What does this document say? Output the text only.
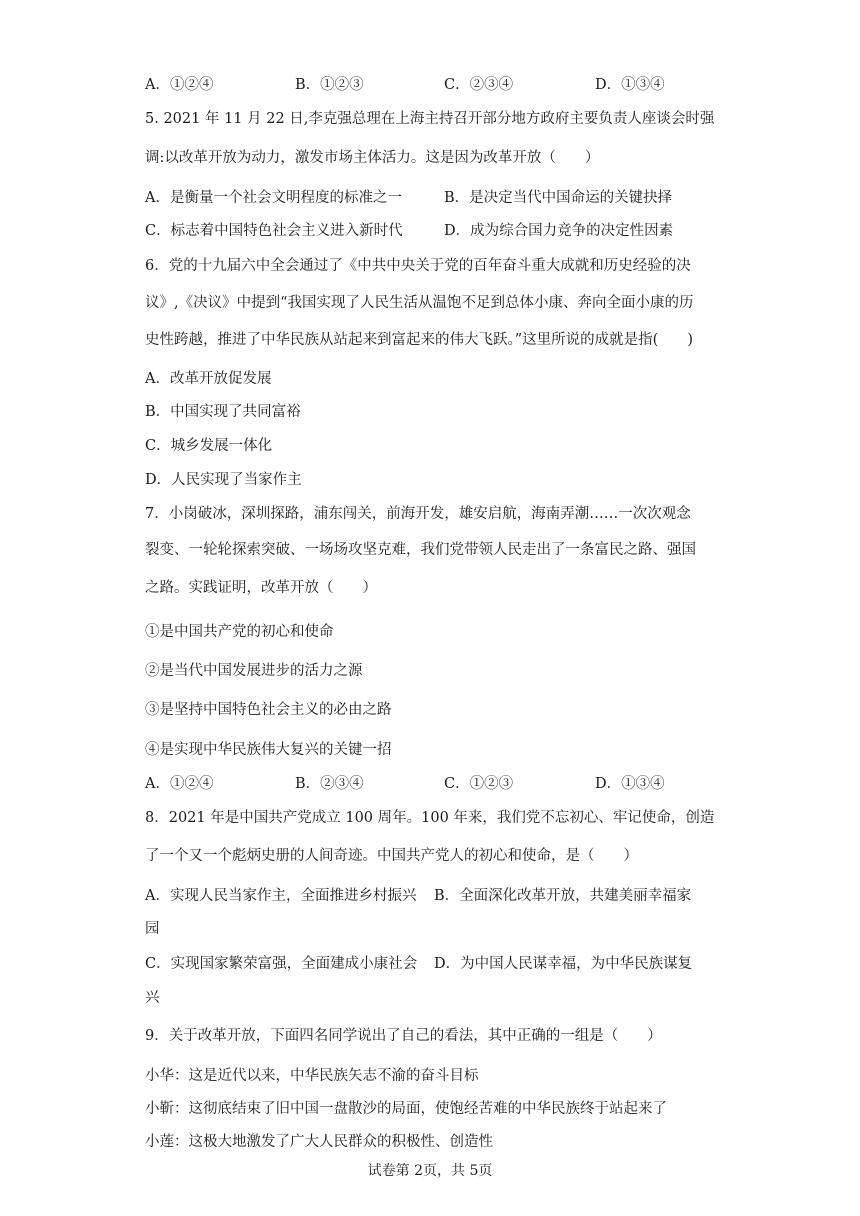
A．①②④	B．①②③	C．②③④	D．①③④
5. 2021 年 11 月 22 日,李克强总理在上海主持召开部分地方政府主要负责人座谈会时强
调:以改革开放为动力，激发市场主体活力。这是因为改革开放（　　）
A．是衡量一个社会文明程度的标准之一	B．是决定当代中国命运的关键抉择
C．标志着中国特色社会主义进入新时代	D．成为综合国力竞争的决定性因素
6．党的十九届六中全会通过了《中共中央关于党的百年奋斗重大成就和历史经验的决
议》,《决议》中提到“我国实现了人民生活从温饱不足到总体小康、奔向全面小康的历
史性跨越，推进了中华民族从站起来到富起来的伟大飞跃。”这里所说的成就是指(　　)
A．改革开放促发展
B．中国实现了共同富裕
C．城乡发展一体化
D．人民实现了当家作主
7．小岗破冰，深圳探路，浦东闯关，前海开发，雄安启航，海南弄潮……一次次观念
裂变、一轮轮探索突破、一场场攻坚克难，我们党带领人民走出了一条富民之路、强国
之路。实践证明，改革开放（　　）
①是中国共产党的初心和使命
②是当代中国发展进步的活力之源
③是坚持中国特色社会主义的必由之路
④是实现中华民族伟大复兴的关键一招
A．①②④	B．②③④	C．①②③	D．①③④
8．2021 年是中国共产党成立 100 周年。100 年来，我们党不忘初心、牢记使命，创造
了一个又一个彪炳史册的人间奇迹。中国共产党人的初心和使命，是（　　）
A．实现人民当家作主，全面推进乡村振兴 B．全面深化改革开放，共建美丽幸福家
园
C．实现国家繁荣富强，全面建成小康社会 D．为中国人民谋幸福，为中华民族谋复
兴
9．关于改革开放，下面四名同学说出了自己的看法，其中正确的一组是（　　）
小华：这是近代以来，中华民族矢志不渝的奋斗目标
小靳：这彻底结束了旧中国一盘散沙的局面，使饱经苦难的中华民族终于站起来了
小莲：这极大地激发了广大人民群众的积极性、创造性
试卷第 2页，共 5页
